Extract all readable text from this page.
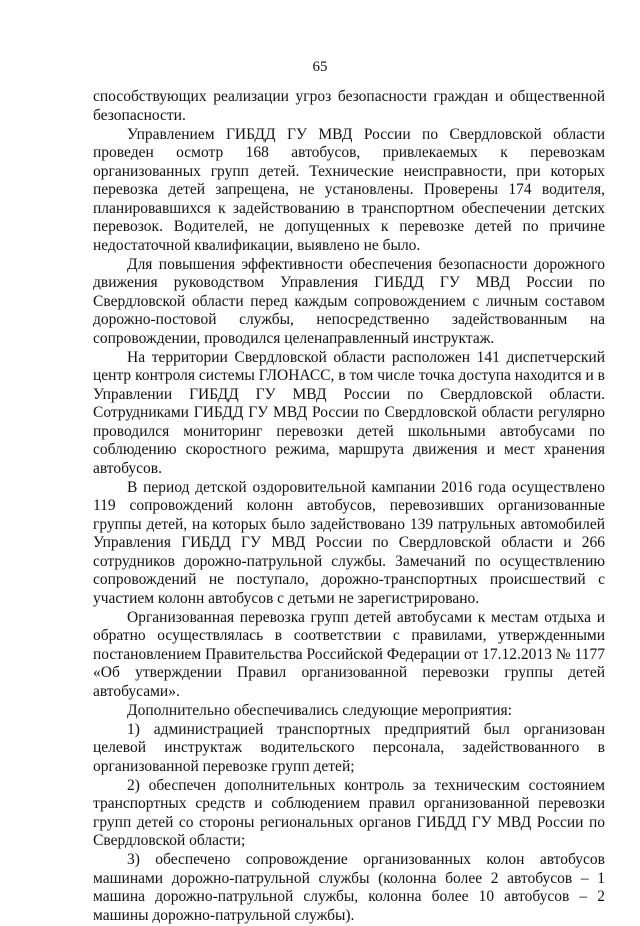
65

способствующих реализации угроз безопасности граждан и общественной безопасности.

Управлением ГИБДД ГУ МВД России по Свердловской области проведен осмотр 168 автобусов, привлекаемых к перевозкам организованных групп детей. Технические неисправности, при которых перевозка детей запрещена, не установлены. Проверены 174 водителя, планировавшихся к задействованию в транспортном обеспечении детских перевозок. Водителей, не допущенных к перевозке детей по причине недостаточной квалификации, выявлено не было.

Для повышения эффективности обеспечения безопасности дорожного движения руководством Управления ГИБДД ГУ МВД России по Свердловской области перед каждым сопровождением с личным составом дорожно-постовой службы, непосредственно задействованным на сопровождении, проводился целенаправленный инструктаж.

На территории Свердловской области расположен 141 диспетчерский центр контроля системы ГЛОНАСС, в том числе точка доступа находится и в Управлении ГИБДД ГУ МВД России по Свердловской области. Сотрудниками ГИБДД ГУ МВД России по Свердловской области регулярно проводился мониторинг перевозки детей школьными автобусами по соблюдению скоростного режима, маршрута движения и мест хранения автобусов.

В период детской оздоровительной кампании 2016 года осуществлено 119 сопровождений колонн автобусов, перевозивших организованные группы детей, на которых было задействовано 139 патрульных автомобилей Управления ГИБДД ГУ МВД России по Свердловской области и 266 сотрудников дорожно-патрульной службы. Замечаний по осуществлению сопровождений не поступало, дорожно-транспортных происшествий с участием колонн автобусов с детьми не зарегистрировано.

Организованная перевозка групп детей автобусами к местам отдыха и обратно осуществлялась в соответствии с правилами, утвержденными постановлением Правительства Российской Федерации от 17.12.2013 № 1177 «Об утверждении Правил организованной перевозки группы детей автобусами».

Дополнительно обеспечивались следующие мероприятия:

1) администрацией транспортных предприятий был организован целевой инструктаж водительского персонала, задействованного в организованной перевозке групп детей;

2) обеспечен дополнительных контроль за техническим состоянием транспортных средств и соблюдением правил организованной перевозки групп детей со стороны региональных органов ГИБДД ГУ МВД России по Свердловской области;

3) обеспечено сопровождение организованных колон автобусов машинами дорожно-патрульной службы (колонна более 2 автобусов – 1 машина дорожно-патрульной службы, колонна более 10 автобусов – 2 машины дорожно-патрульной службы).
